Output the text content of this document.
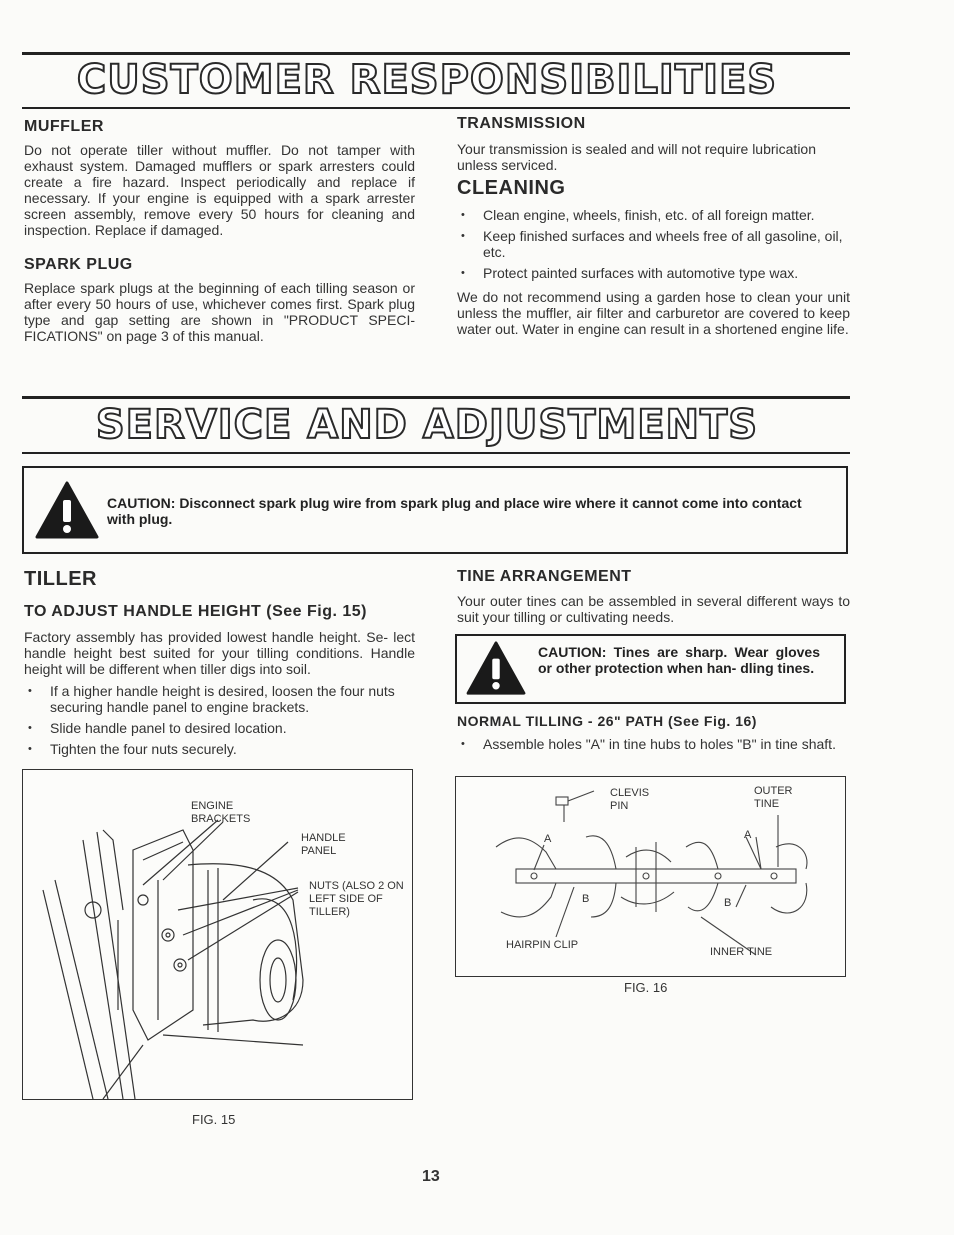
CUSTOMER RESPONSIBILITIES
MUFFLER

Do not operate tiller without muffler. Do not tamper with exhaust system. Damaged mufflers or spark arresters could create a fire hazard. Inspect periodically and replace if necessary. If your engine is equipped with a spark arrester screen assembly, remove every 50 hours for cleaning and inspection. Replace if damaged.

SPARK PLUG

Replace spark plugs at the beginning of each tilling season or after every 50 hours of use, whichever comes first. Spark plug type and gap setting are shown in "PRODUCT SPECI- FICATIONS" on page 3 of this manual.

TRANSMISSION

Your transmission is sealed and will not require lubrication unless serviced.

CLEANING
• Clean engine, wheels, finish, etc. of all foreign matter.
• Keep finished surfaces and wheels free of all gasoline, oil, etc.
• Protect painted surfaces with automotive type wax.

We do not recommend using a garden hose to clean your unit unless the muffler, air filter and carburetor are covered to keep water out. Water in engine can result in a shortened engine life.

SERVICE AND ADJUSTMENTS
CAUTION: Disconnect spark plug wire from spark plug and place wire where it cannot come into contact with plug.
TILLER
TO ADJUST HANDLE HEIGHT (See Fig. 15)

Factory assembly has provided lowest handle height. Se- lect handle height best suited for your tilling conditions. Handle height will be different when tiller digs into soil.

• If a higher handle height is desired, loosen the four nuts securing handle panel to engine brackets.
• Slide handle panel to desired location.
• Tighten the four nuts securely.
ENGINE BRACKETS
HANDLE PANEL
NUTS (ALSO 2 ON LEFT SIDE OF TILLER)
FIG. 15
TINE ARRANGEMENT

Your outer tines can be assembled in several different ways to suit your tilling or cultivating needs.

CAUTION: Tines are sharp. Wear gloves or other protection when han- dling tines.
NORMAL TILLING - 26" PATH (See Fig. 16)
• Assemble holes "A" in tine hubs to holes "B" in tine shaft.
CLEVIS PIN
OUTER TINE
A	A
B	B
HAIRPIN CLIP
INNER TINE
FIG. 16
13
